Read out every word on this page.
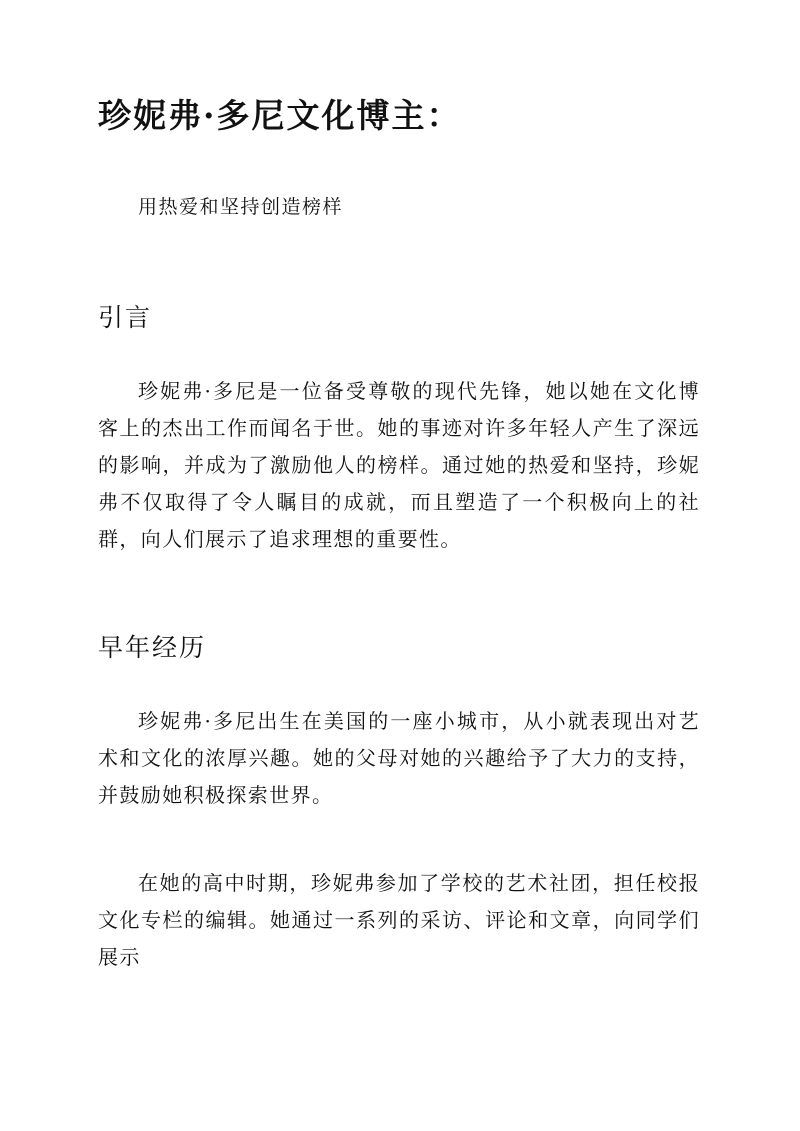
珍妮弗·多尼文化博主：

用热爱和坚持创造榜样

引言

珍妮弗·多尼是一位备受尊敬的现代先锋，她以她在文化博客上的杰出工作而闻名于世。她的事迹对许多年轻人产生了深远的影响，并成为了激励他人的榜样。通过她的热爱和坚持，珍妮弗不仅取得了令人瞩目的成就，而且塑造了一个积极向上的社群，向人们展示了追求理想的重要性。

早年经历

珍妮弗·多尼出生在美国的一座小城市，从小就表现出对艺术和文化的浓厚兴趣。她的父母对她的兴趣给予了大力的支持，并鼓励她积极探索世界。

在她的高中时期，珍妮弗参加了学校的艺术社团，担任校报文化专栏的编辑。她通过一系列的采访、评论和文章，向同学们展示
